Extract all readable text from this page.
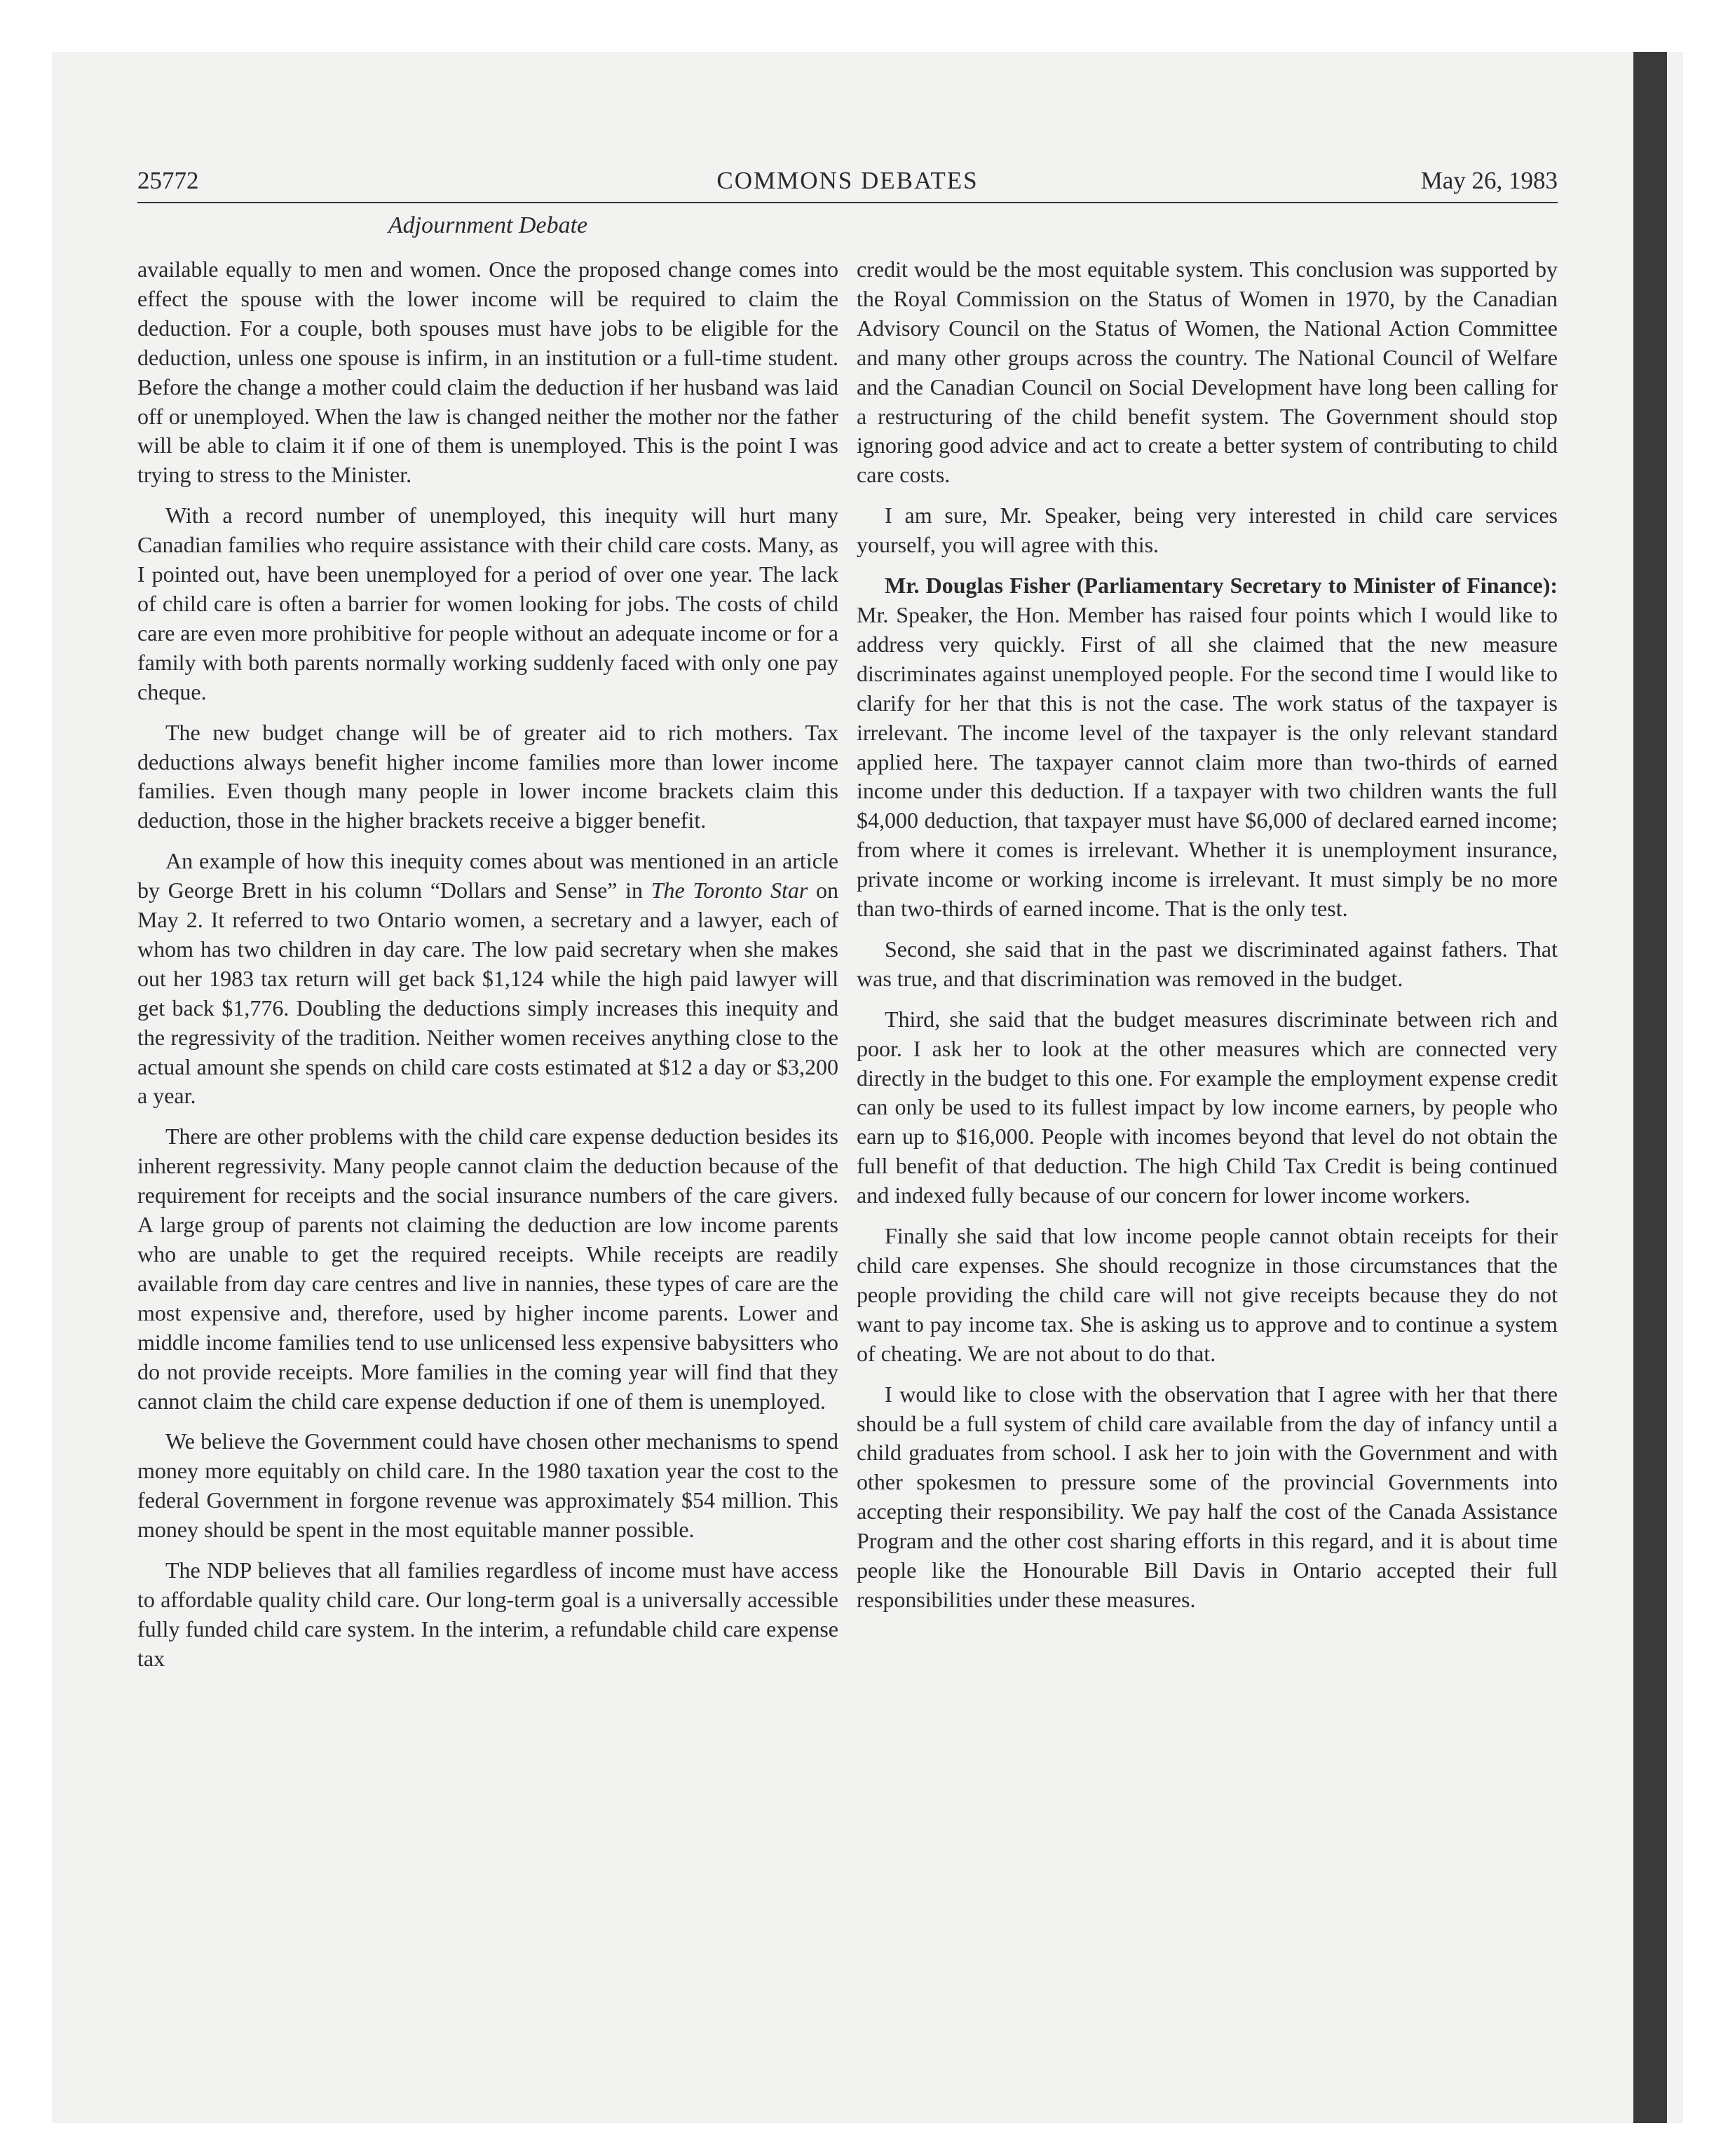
25772	COMMONS DEBATES	May 26, 1983
Adjournment Debate

available equally to men and women. Once the proposed change comes into effect the spouse with the lower income will be required to claim the deduction. For a couple, both spouses must have jobs to be eligible for the deduction, unless one spouse is infirm, in an institution or a full-time student. Before the change a mother could claim the deduction if her husband was laid off or unemployed. When the law is changed neither the mother nor the father will be able to claim it if one of them is unemployed. This is the point I was trying to stress to the Minister.

With a record number of unemployed, this inequity will hurt many Canadian families who require assistance with their child care costs. Many, as I pointed out, have been unemployed for a period of over one year. The lack of child care is often a barrier for women looking for jobs. The costs of child care are even more prohibitive for people without an adequate income or for a family with both parents normally working suddenly faced with only one pay cheque.

The new budget change will be of greater aid to rich mothers. Tax deductions always benefit higher income families more than lower income families. Even though many people in lower income brackets claim this deduction, those in the higher brackets receive a bigger benefit.

An example of how this inequity comes about was mentioned in an article by George Brett in his column “Dollars and Sense” in The Toronto Star on May 2. It referred to two Ontario women, a secretary and a lawyer, each of whom has two children in day care. The low paid secretary when she makes out her 1983 tax return will get back $1,124 while the high paid lawyer will get back $1,776. Doubling the deductions simply increases this inequity and the regressivity of the tradition. Neither women receives anything close to the actual amount she spends on child care costs estimated at $12 a day or $3,200 a year.

There are other problems with the child care expense deduction besides its inherent regressivity. Many people cannot claim the deduction because of the requirement for receipts and the social insurance numbers of the care givers. A large group of parents not claiming the deduction are low income parents who are unable to get the required receipts. While receipts are readily available from day care centres and live in nannies, these types of care are the most expensive and, therefore, used by higher income parents. Lower and middle income families tend to use unlicensed less expensive babysitters who do not provide receipts. More families in the coming year will find that they cannot claim the child care expense deduction if one of them is unemployed.

We believe the Government could have chosen other mechanisms to spend money more equitably on child care. In the 1980 taxation year the cost to the federal Government in forgone revenue was approximately $54 million. This money should be spent in the most equitable manner possible.

The NDP believes that all families regardless of income must have access to affordable quality child care. Our long-term goal is a universally accessible fully funded child care system. In the interim, a refundable child care expense tax

credit would be the most equitable system. This conclusion was supported by the Royal Commission on the Status of Women in 1970, by the Canadian Advisory Council on the Status of Women, the National Action Committee and many other groups across the country. The National Council of Welfare and the Canadian Council on Social Development have long been calling for a restructuring of the child benefit system. The Government should stop ignoring good advice and act to create a better system of contributing to child care costs.

I am sure, Mr. Speaker, being very interested in child care services yourself, you will agree with this.

Mr. Douglas Fisher (Parliamentary Secretary to Minister of Finance): Mr. Speaker, the Hon. Member has raised four points which I would like to address very quickly. First of all she claimed that the new measure discriminates against unemployed people. For the second time I would like to clarify for her that this is not the case. The work status of the taxpayer is irrelevant. The income level of the taxpayer is the only relevant standard applied here. The taxpayer cannot claim more than two-thirds of earned income under this deduction. If a taxpayer with two children wants the full $4,000 deduction, that taxpayer must have $6,000 of declared earned income; from where it comes is irrelevant. Whether it is unemployment insurance, private income or working income is irrelevant. It must simply be no more than two-thirds of earned income. That is the only test.

Second, she said that in the past we discriminated against fathers. That was true, and that discrimination was removed in the budget.

Third, she said that the budget measures discriminate between rich and poor. I ask her to look at the other measures which are connected very directly in the budget to this one. For example the employment expense credit can only be used to its fullest impact by low income earners, by people who earn up to $16,000. People with incomes beyond that level do not obtain the full benefit of that deduction. The high Child Tax Credit is being continued and indexed fully because of our concern for lower income workers.

Finally she said that low income people cannot obtain receipts for their child care expenses. She should recognize in those circumstances that the people providing the child care will not give receipts because they do not want to pay income tax. She is asking us to approve and to continue a system of cheating. We are not about to do that.

I would like to close with the observation that I agree with her that there should be a full system of child care available from the day of infancy until a child graduates from school. I ask her to join with the Government and with other spokesmen to pressure some of the provincial Governments into accepting their responsibility. We pay half the cost of the Canada Assistance Program and the other cost sharing efforts in this regard, and it is about time people like the Honourable Bill Davis in Ontario accepted their full responsibilities under these measures.
